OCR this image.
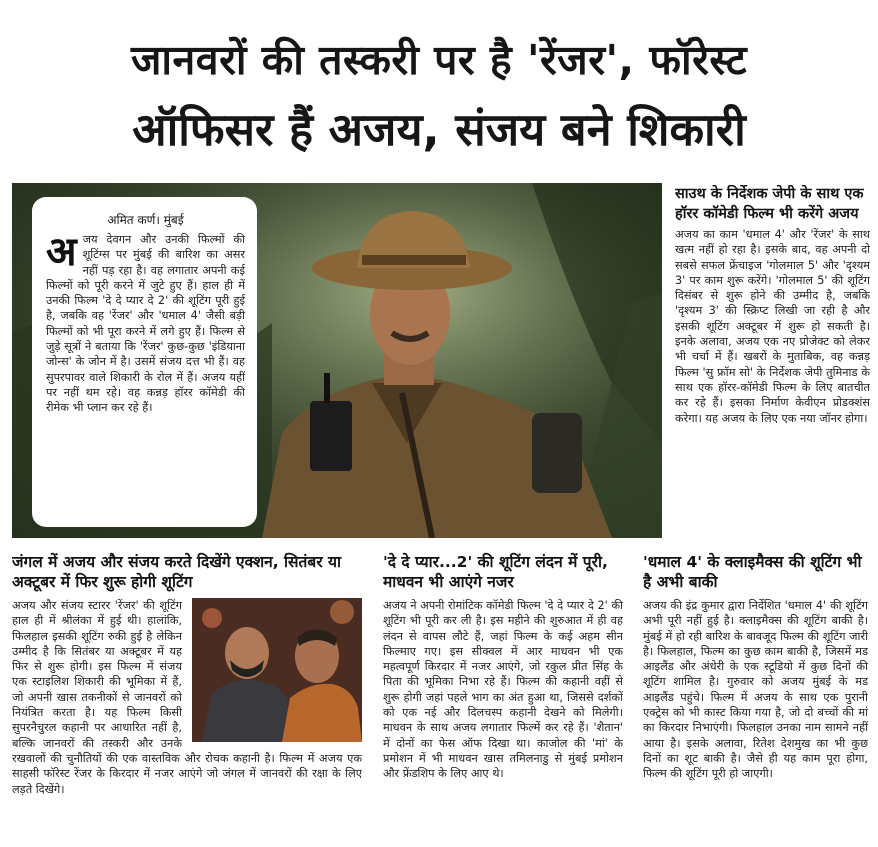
जानवरों की तस्करी पर है 'रेंजर', फॉरेस्ट
ऑफिसर हैं अजय, संजय बने शिकारी
अमित कर्ण। मुंबई
अ जय देवगन और उनकी फिल्मों की शूटिंग्स पर मुंबई की बारिश का असर नहीं पड़ रहा है। वह लगातार अपनी कई फिल्मों को पूरी करने में जुटे हुए हैं। हाल ही में उनकी फिल्म 'दे दे प्यार दे 2' की शूटिंग पूरी हुई है, जबकि वह 'रेंजर' और 'धमाल 4' जैसी बड़ी फिल्मों को भी पूरा करने में लगे हुए हैं। फिल्म से जुड़े सूत्रों ने बताया कि 'रेंजर' कुछ-कुछ 'इंडियाना जोन्स' के जोन में है। उसमें संजय दत्त भी हैं। वह सुपरपावर वाले शिकारी के रोल में हैं। अजय यहीं पर नहीं थम रहे। वह कन्नड़ हॉरर कॉमेडी की रीमेक भी प्लान कर रहे हैं।
साउथ के निर्देशक जेपी के साथ एक हॉरर कॉमेडी फिल्म भी करेंगे अजय
अजय का काम 'धमाल 4' और 'रेंजर' के साथ खत्म नहीं हो रहा है। इसके बाद, वह अपनी दो सबसे सफल फ्रेंचाइज 'गोलमाल 5' और 'दृश्यम 3' पर काम शुरू करेंगे। 'गोलमाल 5' की शूटिंग दिसंबर से शुरू होने की उम्मीद है, जबकि 'दृश्यम 3' की स्क्रिप्ट लिखी जा रही है और इसकी शूटिंग अक्टूबर में शुरू हो सकती है। इनके अलावा, अजय एक नए प्रोजेक्ट को लेकर भी चर्चा में हैं। खबरों के मुताबिक, वह कन्नड़ फिल्म 'सु फ्रॉम सो' के निर्देशक जेपी तुमिनाड के साथ एक हॉरर-कॉमेडी फिल्म के लिए बातचीत कर रहे हैं। इसका निर्माण केवीएन प्रोडक्शंस करेगा। यह अजय के लिए एक नया जॉनर होगा।
जंगल में अजय और संजय करते दिखेंगे एक्शन, सितंबर या अक्टूबर में फिर शुरू होगी शूटिंग
अजय और संजय स्टारर 'रेंजर' की शूटिंग हाल ही में श्रीलंका में हुई थी। हालांकि, फिलहाल इसकी शूटिंग रुकी हुई है लेकिन उम्मीद है कि सितंबर या अक्टूबर में यह फिर से शुरू होगी। इस फिल्म में संजय एक स्टाइलिश शिकारी की भूमिका में हैं, जो अपनी खास तकनीकों से जानवरों को नियंत्रित करता है। यह फिल्म किसी सुपरनैचुरल कहानी पर आधारित नहीं है, बल्कि जानवरों की तस्करी और उनके रखवालों की चुनौतियों की एक वास्तविक और रोचक कहानी है। फिल्म में अजय एक साहसी फॉरेस्ट रेंजर के किरदार में नजर आएंगे जो जंगल में जानवरों की रक्षा के लिए लड़ते दिखेंगे।
'दे दे प्यार...2' की शूटिंग लंदन में पूरी, माधवन भी आएंगे नजर
अजय ने अपनी रोमांटिक कॉमेडी फिल्म 'दे दे प्यार दे 2' की शूटिंग भी पूरी कर ली है। इस महीने की शुरुआत में ही वह लंदन से वापस लौटे हैं, जहां फिल्म के कई अहम सीन फिल्माए गए। इस सीक्वल में आर माधवन भी एक महत्वपूर्ण किरदार में नजर आएंगे, जो रकुल प्रीत सिंह के पिता की भूमिका निभा रहे हैं। फिल्म की कहानी वहीं से शुरू होगी जहां पहले भाग का अंत हुआ था, जिससे दर्शकों को एक नई और दिलचस्प कहानी देखने को मिलेगी। माधवन के साथ अजय लगातार फिल्में कर रहे हैं। 'शैतान' में दोनों का फेस ऑफ दिखा था। काजोल की 'मां' के प्रमोशन में भी माधवन खास तमिलनाडु से मुंबई प्रमोशन और फ्रेंडशिप के लिए आए थे।
'धमाल 4' के क्लाइमैक्स की शूटिंग भी है अभी बाकी
अजय की इंद्र कुमार द्वारा निर्देशित 'धमाल 4' की शूटिंग अभी पूरी नहीं हुई है। क्लाइमैक्स की शूटिंग बाकी है। मुंबई में हो रही बारिश के बावजूद फिल्म की शूटिंग जारी है। फिलहाल, फिल्म का कुछ काम बाकी है, जिसमें मड आइलैंड और अंधेरी के एक स्टूडियो में कुछ दिनों की शूटिंग शामिल है। गुरुवार को अजय मुंबई के मड आइलैंड पहुंचे। फिल्म में अजय के साथ एक पुरानी एक्ट्रेस को भी कास्ट किया गया है, जो दो बच्चों की मां का किरदार निभाएंगी। फिलहाल उनका नाम सामने नहीं आया है। इसके अलावा, रितेश देशमुख का भी कुछ दिनों का शूट बाकी है। जैसे ही यह काम पूरा होगा, फिल्म की शूटिंग पूरी हो जाएगी।
